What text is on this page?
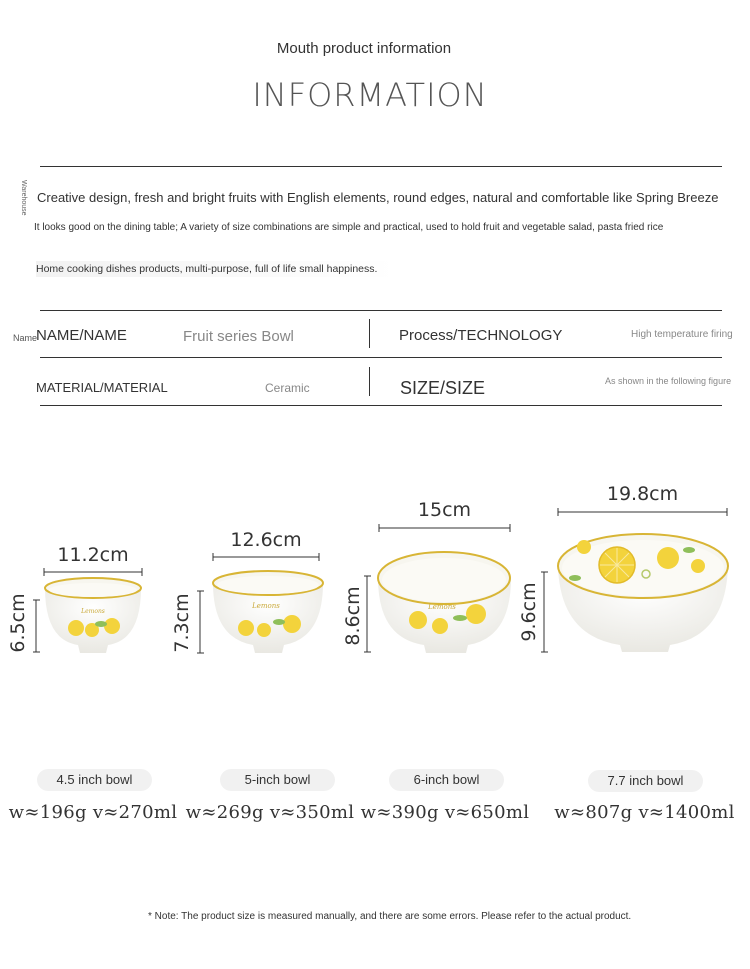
Mouth product information
INFORMATION
Warehouse Creative design, fresh and bright fruits with English elements, round edges, natural and comfortable like Spring Breeze
It looks good on the dining table; A variety of size combinations are simple and practical, used to hold fruit and vegetable salad, pasta fried rice
Home cooking dishes products, multi-purpose, full of life small happiness.
Name
NAME/NAME	Fruit series Bowl	Process/TECHNOLOGY	High temperature firing
MATERIAL/MATERIAL	Ceramic	SIZE/SIZE	As shown in the following figure
Lemons
Lemons	Lemons
11.2cm
6.5cm
12.6cm
7.3cm
15cm
8.6cm
19.8cm
9.6cm
4.5 inch bowl	5-inch bowl	6-inch bowl	7.7 inch bowl
w≈196g v≈270ml w≈269g v≈350ml w≈390g v≈650ml w≈807g v≈1400ml
* Note: The product size is measured manually, and there are some errors. Please refer to the actual product.
